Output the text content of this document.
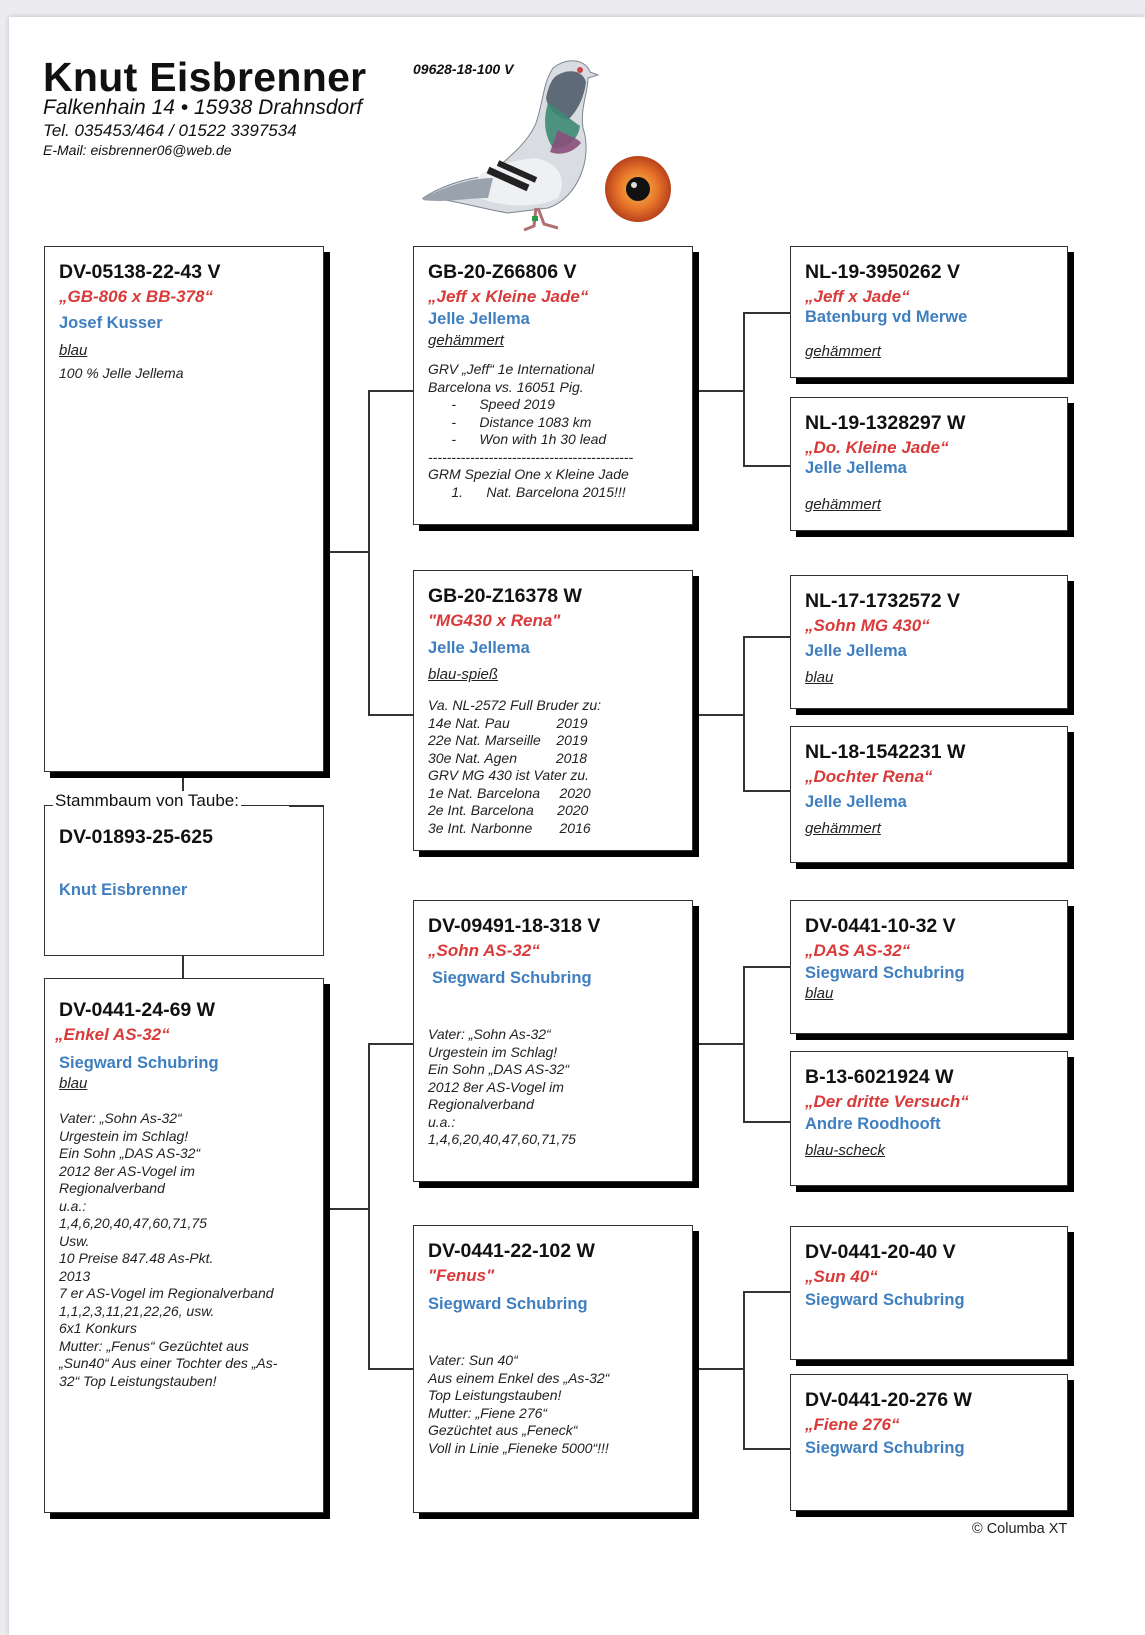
Knut Eisbrenner
Falkenhain 14 • 15938 Drahnsdorf
Tel. 035453/464 / 01522 3397534
E-Mail: eisbrenner06@web.de
09628-18-100 V
DV-05138-22-43 V
„GB-806 x BB-378“
Josef Kusser
blau
100 % Jelle Jellema
DV-01893-25-625
Knut Eisbrenner
Stammbaum von Taube:
DV-0441-24-69 W
„Enkel AS-32“
Siegward Schubring
blau
Vater: „Sohn As-32“
Urgestein im Schlag!
Ein Sohn „DAS AS-32“
2012 8er AS-Vogel im
Regionalverband
u.a.:
1,4,6,20,40,47,60,71,75
Usw.
10 Preise 847.48 As-Pkt.
2013
7 er AS-Vogel im Regionalverband
1,1,2,3,11,21,22,26, usw.
6x1 Konkurs
Mutter: „Fenus“ Gezüchtet aus
„Sun40“ Aus einer Tochter des „As-
32“ Top Leistungstauben!
GB-20-Z66806 V
„Jeff x Kleine Jade“
Jelle Jellema
gehämmert
GRV „Jeff“ 1e International
Barcelona vs. 16051 Pig.
-      Speed 2019
-      Distance 1083 km
-      Won with 1h 30 lead
--------------------------------------------
GRM Spezial One x Kleine Jade
1.      Nat. Barcelona 2015!!!
GB-20-Z16378 W
"MG430 x Rena"
Jelle Jellema
blau-spieß
Va. NL-2572 Full Bruder zu:
14e Nat. Pau            2019
22e Nat. Marseille    2019
30e Nat. Agen          2018
GRV MG 430 ist Vater zu.
1e Nat. Barcelona     2020
2e Int. Barcelona      2020
3e Int. Narbonne       2016
DV-09491-18-318 V
„Sohn AS-32“
Siegward Schubring
Vater: „Sohn As-32“
Urgestein im Schlag!
Ein Sohn „DAS AS-32“
2012 8er AS-Vogel im
Regionalverband
u.a.:
1,4,6,20,40,47,60,71,75
DV-0441-22-102 W
"Fenus"
Siegward Schubring
Vater: Sun 40“
Aus einem Enkel des „As-32“
Top Leistungstauben!
Mutter: „Fiene 276“
Gezüchtet aus „Feneck“
Voll in Linie „Fieneke 5000“!!!
NL-19-3950262 V
„Jeff x Jade“
Batenburg vd Merwe
gehämmert
NL-19-1328297 W
„Do. Kleine Jade“
Jelle Jellema
gehämmert
NL-17-1732572 V
„Sohn MG 430“
Jelle Jellema
blau
NL-18-1542231 W
„Dochter Rena“
Jelle Jellema
gehämmert
DV-0441-10-32 V
„DAS AS-32“
Siegward Schubring
blau
B-13-6021924 W
„Der dritte Versuch“
Andre Roodhooft
blau-scheck
DV-0441-20-40 V
„Sun 40“
Siegward Schubring
DV-0441-20-276 W
„Fiene 276“
Siegward Schubring
© Columba XT
